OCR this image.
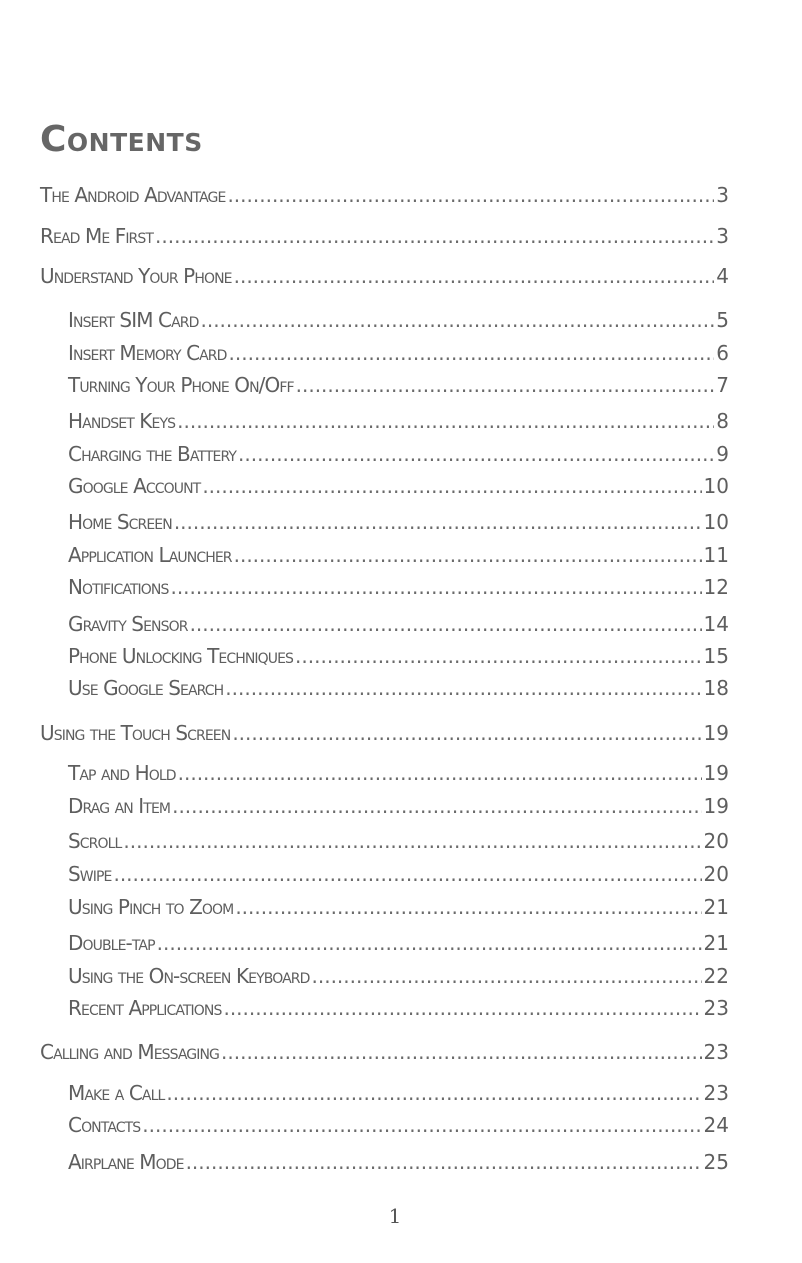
Contents
The Android Advantage .....	3
Read Me First .....	3
Understand Your Phone .....	4
Insert SIM Card .....	5
Insert Memory Card .....	6
Turning Your Phone On/Off .....	7
Handset Keys .....	8
Charging the Battery .....	9
Google Account .....	10
Home Screen .....	10
Application Launcher .....	11
Notifications .....	12
Gravity Sensor .....	14
Phone Unlocking Techniques .....	15
Use Google Search .....	18
Using the Touch Screen .....	19
Tap and Hold .....	19
Drag an Item .....	19
Scroll .....	20
Swipe .....	20
Using Pinch to Zoom .....	21
Double-tap .....	21
Using the On-screen Keyboard .....	22
Recent Applications .....	23
Calling and Messaging .....	23
Make a Call .....	23
Contacts .....	24
Airplane Mode .....	25
1
